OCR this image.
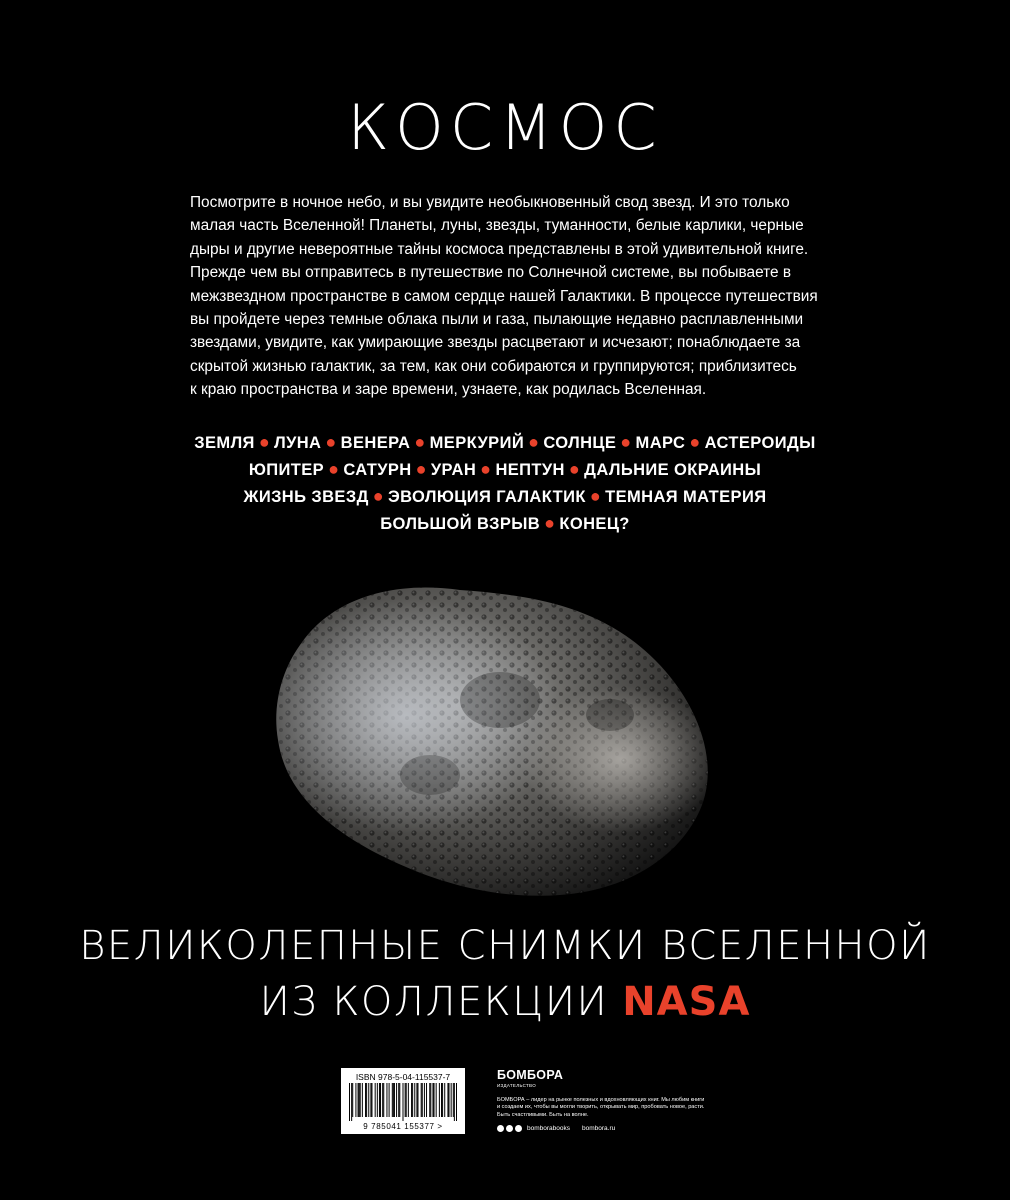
КОСМОС
Посмотрите в ночное небо, и вы увидите необыкновенный свод звезд. И это только
малая часть Вселенной! Планеты, луны, звезды, туманности, белые карлики, черные
дыры и другие невероятные тайны космоса представлены в этой удивительной книге.
Прежде чем вы отправитесь в путешествие по Солнечной системе, вы побываете в
межзвездном пространстве в самом сердце нашей Галактики. В процессе путешествия
вы пройдете через темные облака пыли и газа, пылающие недавно расплавленными
звездами, увидите, как умирающие звезды расцветают и исчезают; понаблюдаете за
скрытой жизнью галактик, за тем, как они собираются и группируются; приблизитесь
к краю пространства и заре времени, узнаете, как родилась Вселенная.
ЗЕМЛЯ ● ЛУНА ● ВЕНЕРА ● МЕРКУРИЙ ● СОЛНЦЕ ● МАРС ● АСТЕРОИДЫ
ЮПИТЕР ● САТУРН ● УРАН ● НЕПТУН ● ДАЛЬНИЕ ОКРАИНЫ
ЖИЗНЬ ЗВЕЗД ● ЭВОЛЮЦИЯ ГАЛАКТИК ● ТЕМНАЯ МАТЕРИЯ
БОЛЬШОЙ ВЗРЫВ ● КОНЕЦ?
ВЕЛИКОЛЕПНЫЕ СНИМКИ ВСЕЛЕННОЙ
ИЗ КОЛЛЕКЦИИ NASA
ISBN 978-5-04-115537-7
9 785041 155377 >
БОМБОРА
ИЗДАТЕЛЬСТВО
БОМБОРА – лидер на рынке полезных и вдохновляющих книг. Мы любим книги и создаем их, чтобы вы могли творить, открывать мир, пробовать новое, расти. Быть счастливыми. Быть на волне.
bomborabooks bombora.ru
